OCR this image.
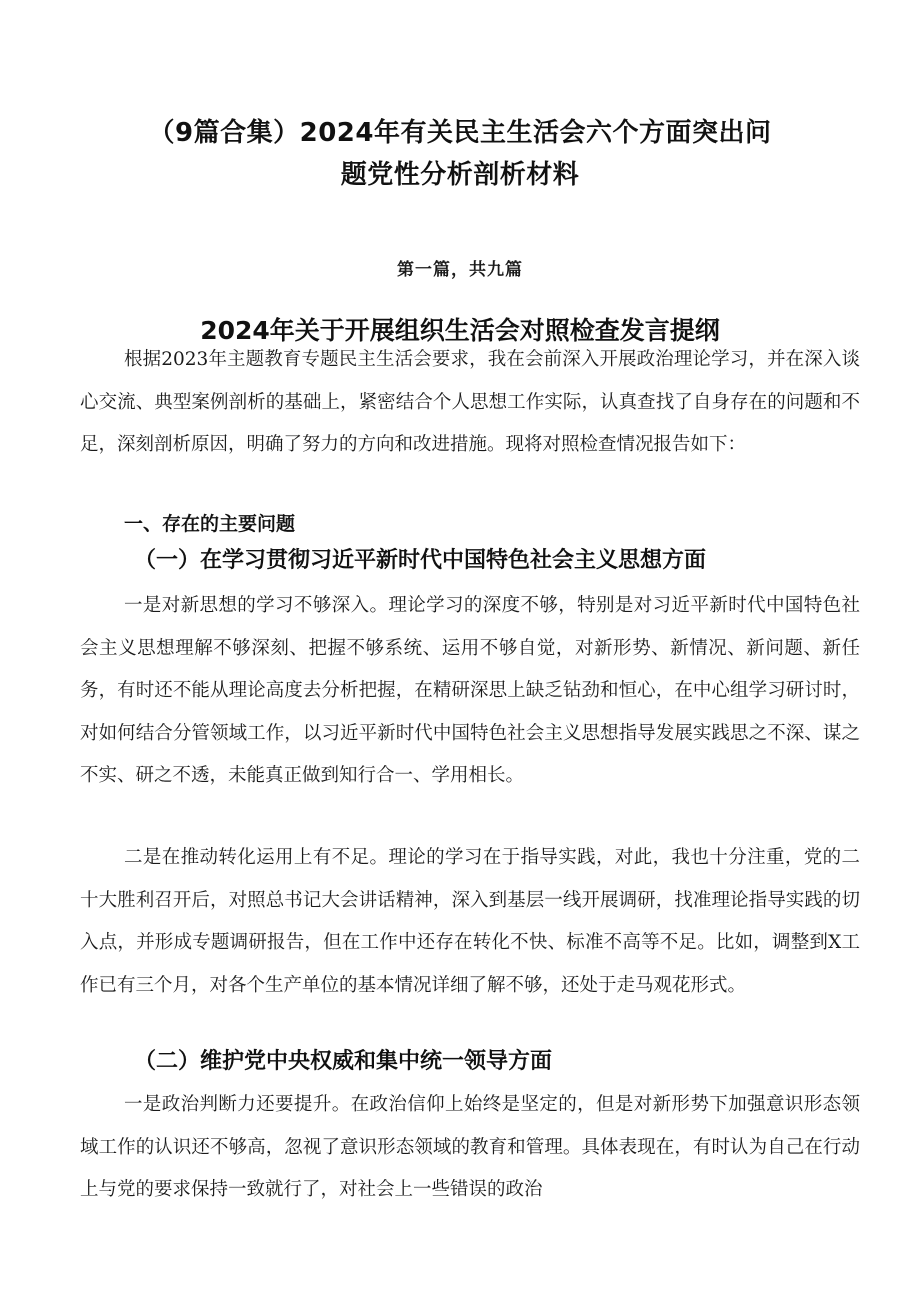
（9篇合集）2024年有关民主生活会六个方面突出问
题党性分析剖析材料
第一篇，共九篇
2024年关于开展组织生活会对照检查发言提纲

根据2023年主题教育专题民主生活会要求，我在会前深入开展政治理论学习，并在深入谈心交流、典型案例剖析的基础上，紧密结合个人思想工作实际，认真查找了自身存在的问题和不足，深刻剖析原因，明确了努力的方向和改进措施。现将对照检查情况报告如下：

一、存在的主要问题
（一）在学习贯彻习近平新时代中国特色社会主义思想方面

一是对新思想的学习不够深入。理论学习的深度不够，特别是对习近平新时代中国特色社会主义思想理解不够深刻、把握不够系统、运用不够自觉，对新形势、新情况、新问题、新任务，有时还不能从理论高度去分析把握，在精研深思上缺乏钻劲和恒心，在中心组学习研讨时，对如何结合分管领域工作，以习近平新时代中国特色社会主义思想指导发展实践思之不深、谋之不实、研之不透，未能真正做到知行合一、学用相长。

二是在推动转化运用上有不足。理论的学习在于指导实践，对此，我也十分注重，党的二十大胜利召开后，对照总书记大会讲话精神，深入到基层一线开展调研，找准理论指导实践的切入点，并形成专题调研报告，但在工作中还存在转化不快、标准不高等不足。比如，调整到X工作已有三个月，对各个生产单位的基本情况详细了解不够，还处于走马观花形式。

（二）维护党中央权威和集中统一领导方面

一是政治判断力还要提升。在政治信仰上始终是坚定的，但是对新形势下加强意识形态领域工作的认识还不够高，忽视了意识形态领域的教育和管理。具体表现在，有时认为自己在行动上与党的要求保持一致就行了，对社会上一些错误的政治
